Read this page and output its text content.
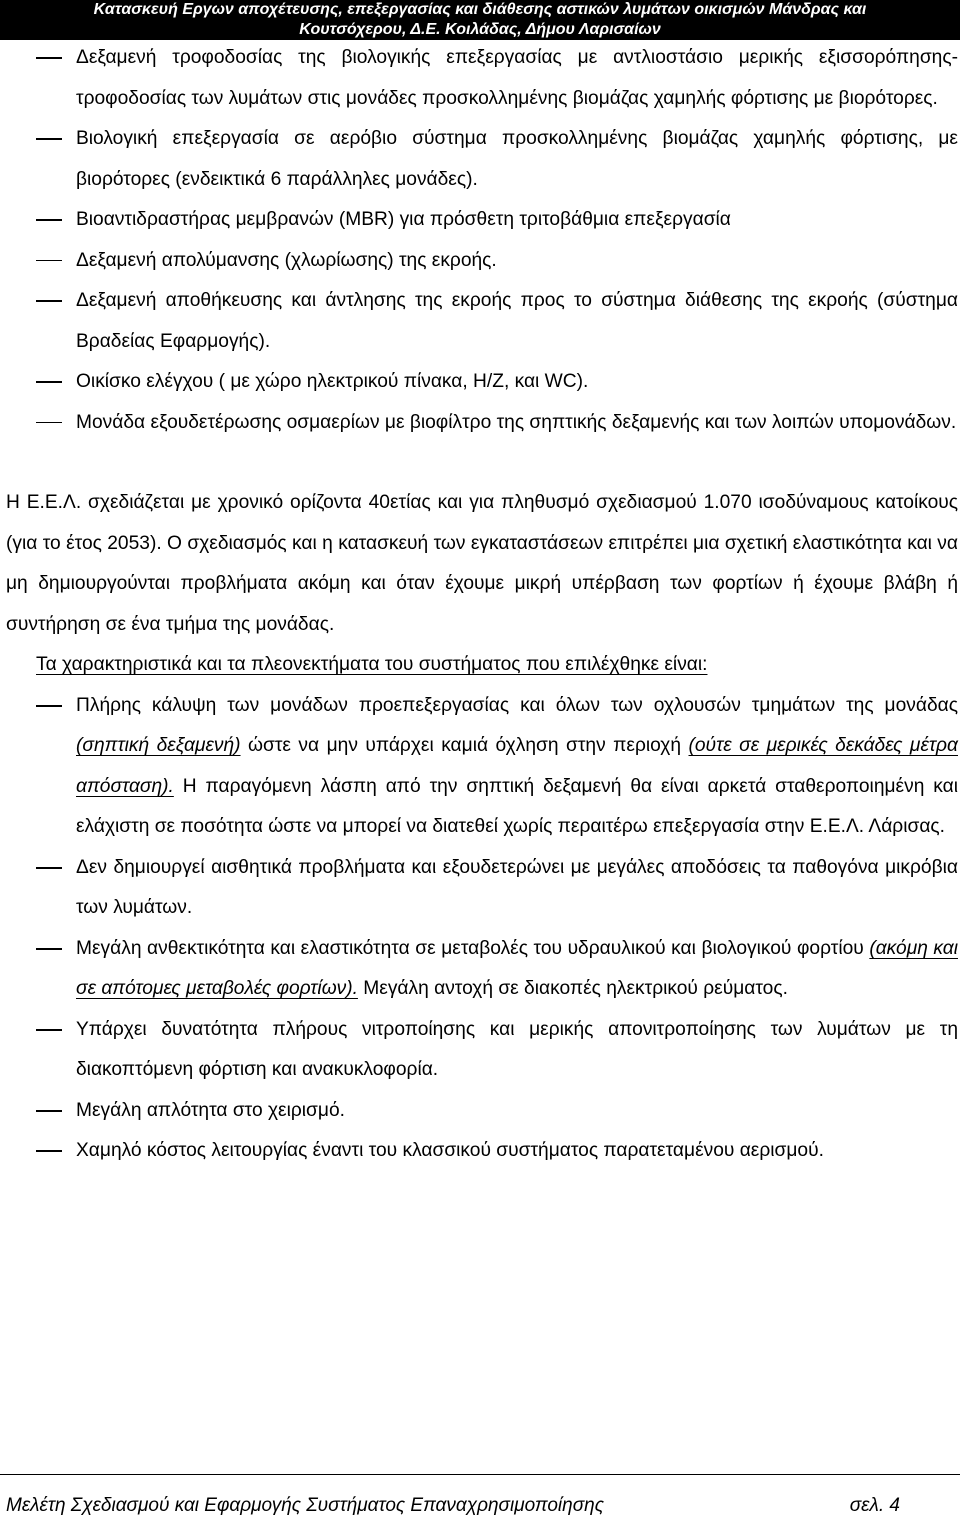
Κατασκευή Εργων αποχέτευσης, επεξεργασίας και διάθεσης αστικών λυμάτων οικισμών Μάνδρας και
Κουτσόχερου, Δ.Ε. Κοιλάδας, Δήμου Λαρισαίων
Δεξαμενή τροφοδοσίας της βιολογικής επεξεργασίας με αντλιοστάσιο μερικής εξισσορόπησης-τροφοδοσίας των λυμάτων στις μονάδες προσκολλημένης βιομάζας χαμηλής φόρτισης με βιορότορες.
Βιολογική επεξεργασία σε αερόβιο σύστημα προσκολλημένης βιομάζας χαμηλής φόρτισης, με βιορότορες (ενδεικτικά 6 παράλληλες μονάδες).
Βιοαντιδραστήρας μεμβρανών (MBR) για πρόσθετη τριτοβάθμια επεξεργασία
Δεξαμενή απολύμανσης (χλωρίωσης) της εκροής.
Δεξαμενή αποθήκευσης και άντλησης της εκροής προς το σύστημα διάθεσης της εκροής (σύστημα Βραδείας Εφαρμογής).
Οικίσκο ελέγχου ( με χώρο ηλεκτρικού πίνακα, Η/Ζ, και WC).
Μονάδα εξουδετέρωσης οσμαερίων με βιοφίλτρο της σηπτικής δεξαμενής και των λοιπών υπομονάδων.
Η Ε.Ε.Λ. σχεδιάζεται με χρονικό ορίζοντα 40ετίας και για πληθυσμό σχεδιασμού 1.070 ισοδύναμους κατοίκους (για το έτος 2053). Ο σχεδιασμός και η κατασκευή των εγκαταστάσεων επιτρέπει μια σχετική ελαστικότητα και να μη δημιουργούνται προβλήματα ακόμη και όταν έχουμε μικρή υπέρβαση των φορτίων ή έχουμε βλάβη ή συντήρηση σε ένα τμήμα της μονάδας.
Τα χαρακτηριστικά και τα πλεονεκτήματα του συστήματος που επιλέχθηκε είναι:
Πλήρης κάλυψη των μονάδων προεπεξεργασίας και όλων των οχλουσών τμημάτων της μονάδας (σηπτική δεξαμενή) ώστε να μην υπάρχει καμιά όχληση στην περιοχή (ούτε σε μερικές δεκάδες μέτρα απόσταση). Η παραγόμενη λάσπη από την σηπτική δεξαμενή θα είναι αρκετά σταθεροποιημένη και ελάχιστη σε ποσότητα ώστε να μπορεί να διατεθεί χωρίς περαιτέρω επεξεργασία στην Ε.Ε.Λ. Λάρισας.
Δεν δημιουργεί αισθητικά προβλήματα και εξουδετερώνει με μεγάλες αποδόσεις τα παθογόνα μικρόβια των λυμάτων.
Μεγάλη ανθεκτικότητα και ελαστικότητα σε μεταβολές του υδραυλικού και βιολογικού φορτίου (ακόμη και σε απότομες μεταβολές φορτίων). Μεγάλη αντοχή σε διακοπές ηλεκτρικού ρεύματος.
Υπάρχει δυνατότητα πλήρους νιτροποίησης και μερικής απονιτροποίησης των λυμάτων με τη διακοπτόμενη φόρτιση και ανακυκλοφορία.
Μεγάλη απλότητα στο χειρισμό.
Χαμηλό κόστος λειτουργίας έναντι του κλασσικού συστήματος παρατεταμένου αερισμού.
Μελέτη Σχεδιασμού και Εφαρμογής Συστήματος Επαναχρησιμοποίησης	σελ. 4
